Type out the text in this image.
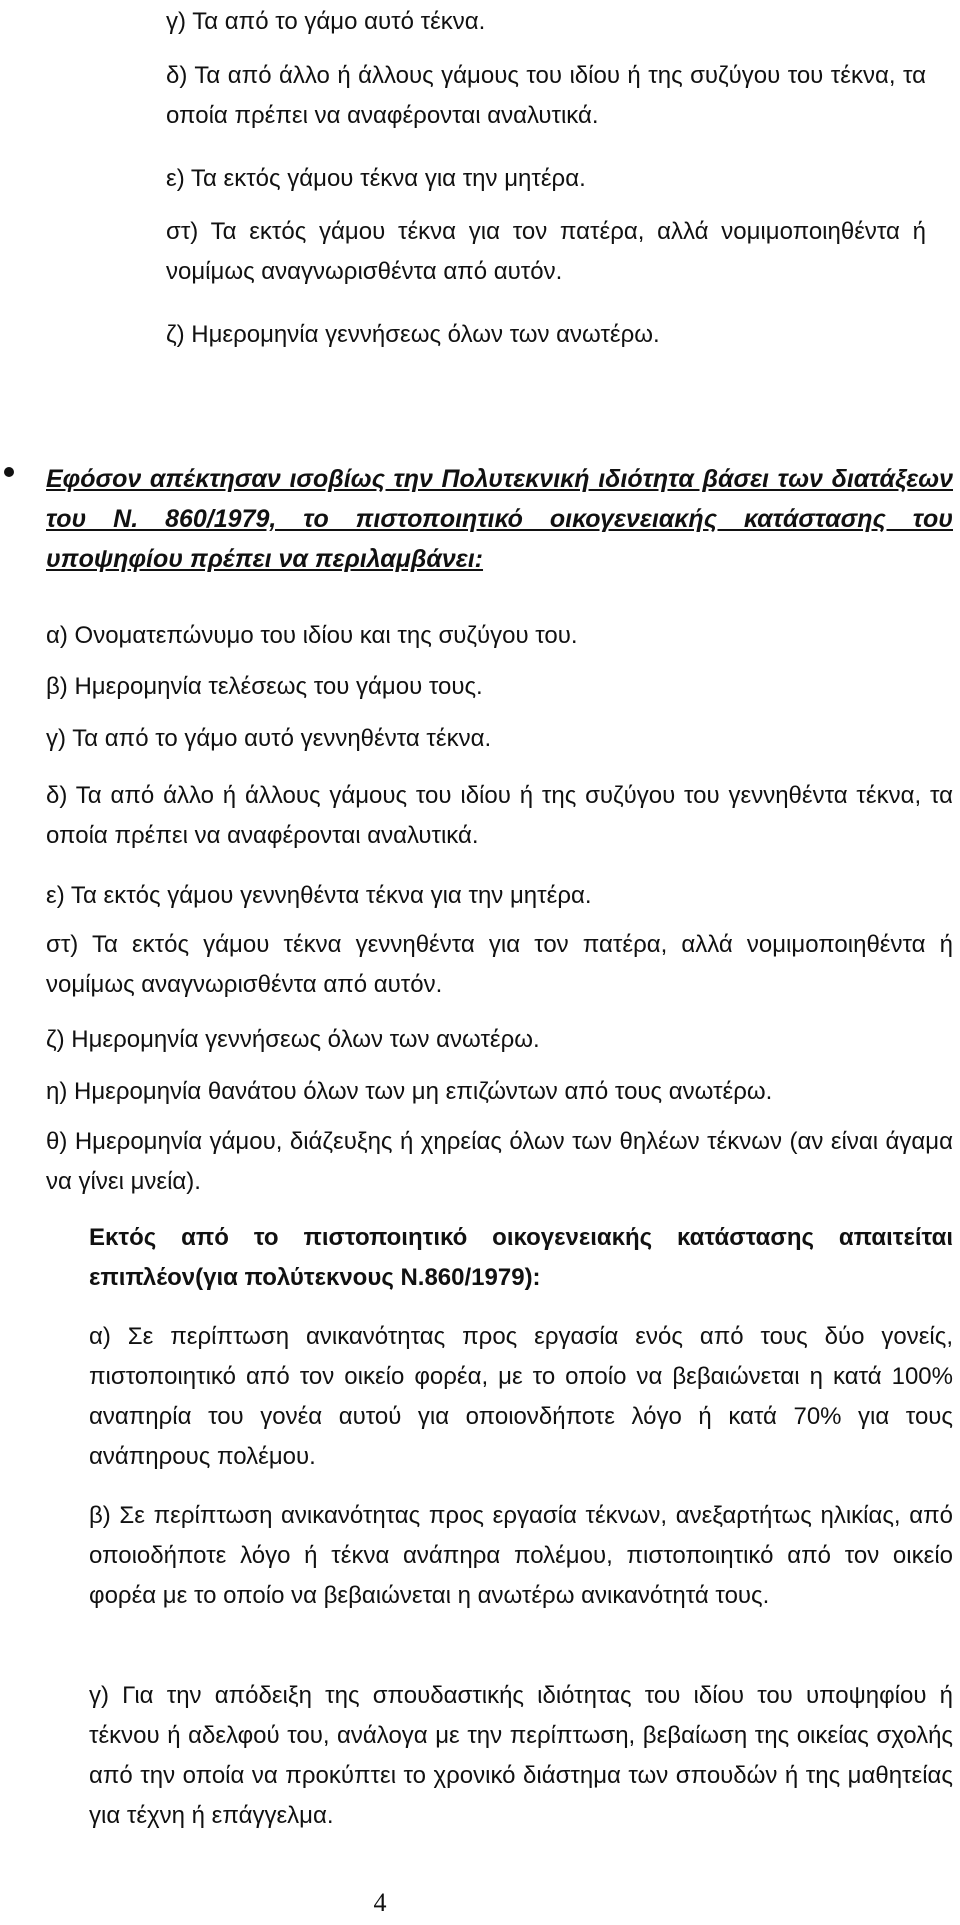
γ) Τα από το γάμο αυτό τέκνα.

δ) Τα από άλλο ή άλλους γάμους του ιδίου ή της συζύγου του τέκνα, τα οποία πρέπει να αναφέρονται αναλυτικά.

ε) Τα εκτός γάμου τέκνα για την μητέρα.

στ) Τα εκτός γάμου τέκνα για τον πατέρα, αλλά νομιμοποιηθέντα ή νομίμως αναγνωρισθέντα από αυτόν.

ζ) Ημερομηνία γεννήσεως όλων των ανωτέρω.

Εφόσον απέκτησαν ισοβίως την Πολυτεκνική ιδιότητα βάσει των διατάξεων του Ν. 860/1979, το πιστοποιητικό οικογενειακής κατάστασης του υποψηφίου πρέπει να περιλαμβάνει:

α) Ονοματεπώνυμο του ιδίου και της συζύγου του.

β) Ημερομηνία τελέσεως του γάμου τους.

γ) Τα από το γάμο αυτό γεννηθέντα τέκνα.

δ) Τα από άλλο ή άλλους γάμους του ιδίου ή της συζύγου του γεννηθέντα τέκνα, τα οποία πρέπει να αναφέρονται αναλυτικά.

ε) Τα εκτός γάμου γεννηθέντα τέκνα για την μητέρα.

στ) Τα εκτός γάμου τέκνα γεννηθέντα για τον πατέρα, αλλά νομιμοποιηθέντα ή νομίμως αναγνωρισθέντα από αυτόν.

ζ) Ημερομηνία γεννήσεως όλων των ανωτέρω.

η) Ημερομηνία θανάτου όλων των μη επιζώντων από τους ανωτέρω.

θ) Ημερομηνία γάμου, διάζευξης ή χηρείας όλων των θηλέων τέκνων (αν είναι άγαμα να γίνει μνεία).

Εκτός από το πιστοποιητικό οικογενειακής κατάστασης απαιτείται επιπλέον(για πολύτεκνους Ν.860/1979):

α) Σε περίπτωση ανικανότητας προς εργασία ενός από τους δύο γονείς, πιστοποιητικό από τον οικείο φορέα, με το οποίο να βεβαιώνεται η κατά 100% αναπηρία του γονέα αυτού για οποιονδήποτε λόγο ή κατά 70% για τους ανάπηρους πολέμου.

β) Σε περίπτωση ανικανότητας προς εργασία τέκνων, ανεξαρτήτως ηλικίας, από οποιοδήποτε λόγο ή τέκνα ανάπηρα πολέμου, πιστοποιητικό από τον οικείο φορέα με το οποίο να βεβαιώνεται η ανωτέρω ανικανότητά τους.

γ) Για την απόδειξη της σπουδαστικής ιδιότητας του ιδίου του υποψηφίου ή τέκνου ή αδελφού του, ανάλογα με την περίπτωση, βεβαίωση της οικείας σχολής από την οποία να προκύπτει το χρονικό διάστημα των σπουδών ή της μαθητείας για τέχνη ή επάγγελμα.

4
